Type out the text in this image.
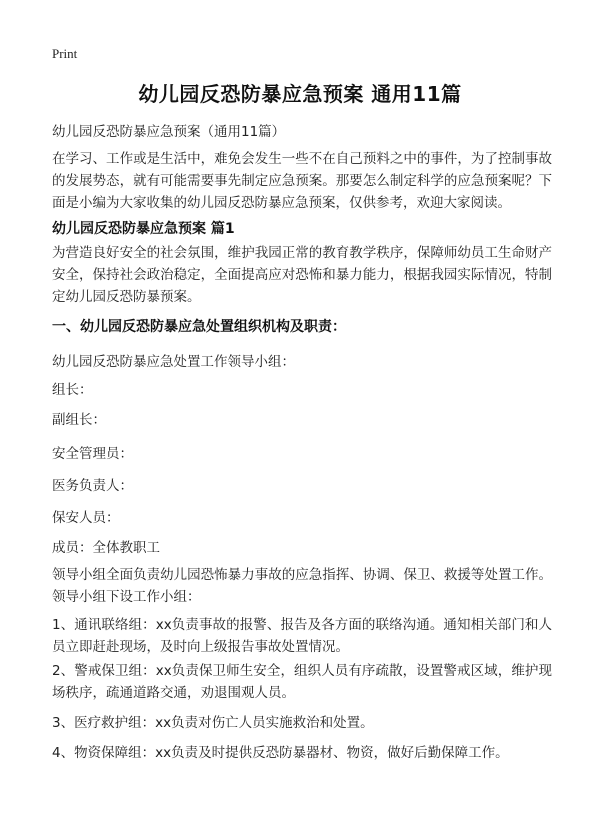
Print
幼儿园反恐防暴应急预案 通用11篇
幼儿园反恐防暴应急预案（通用11篇）
在学习、工作或是生活中，难免会发生一些不在自己预料之中的事件，为了控制事故的发展势态，就有可能需要事先制定应急预案。那要怎么制定科学的应急预案呢？下面是小编为大家收集的幼儿园反恐防暴应急预案，仅供参考，欢迎大家阅读。
幼儿园反恐防暴应急预案 篇1
为营造良好安全的社会氛围，维护我园正常的教育教学秩序，保障师幼员工生命财产安全，保持社会政治稳定，全面提高应对恐怖和暴力能力，根据我园实际情况，特制定幼儿园反恐防暴预案。
一、幼儿园反恐防暴应急处置组织机构及职责：
幼儿园反恐防暴应急处置工作领导小组：
组长：
副组长：
安全管理员：
医务负责人：
保安人员：
成员：全体教职工
领导小组全面负责幼儿园恐怖暴力事故的应急指挥、协调、保卫、救援等处置工作。领导小组下设工作小组：
1、通讯联络组：xx负责事故的报警、报告及各方面的联络沟通。通知相关部门和人员立即赶赴现场，及时向上级报告事故处置情况。
2、警戒保卫组：xx负责保卫师生安全，组织人员有序疏散，设置警戒区域，维护现场秩序，疏通道路交通，劝退围观人员。
3、医疗救护组：xx负责对伤亡人员实施救治和处置。
4、物资保障组：xx负责及时提供反恐防暴器材、物资，做好后勤保障工作。
